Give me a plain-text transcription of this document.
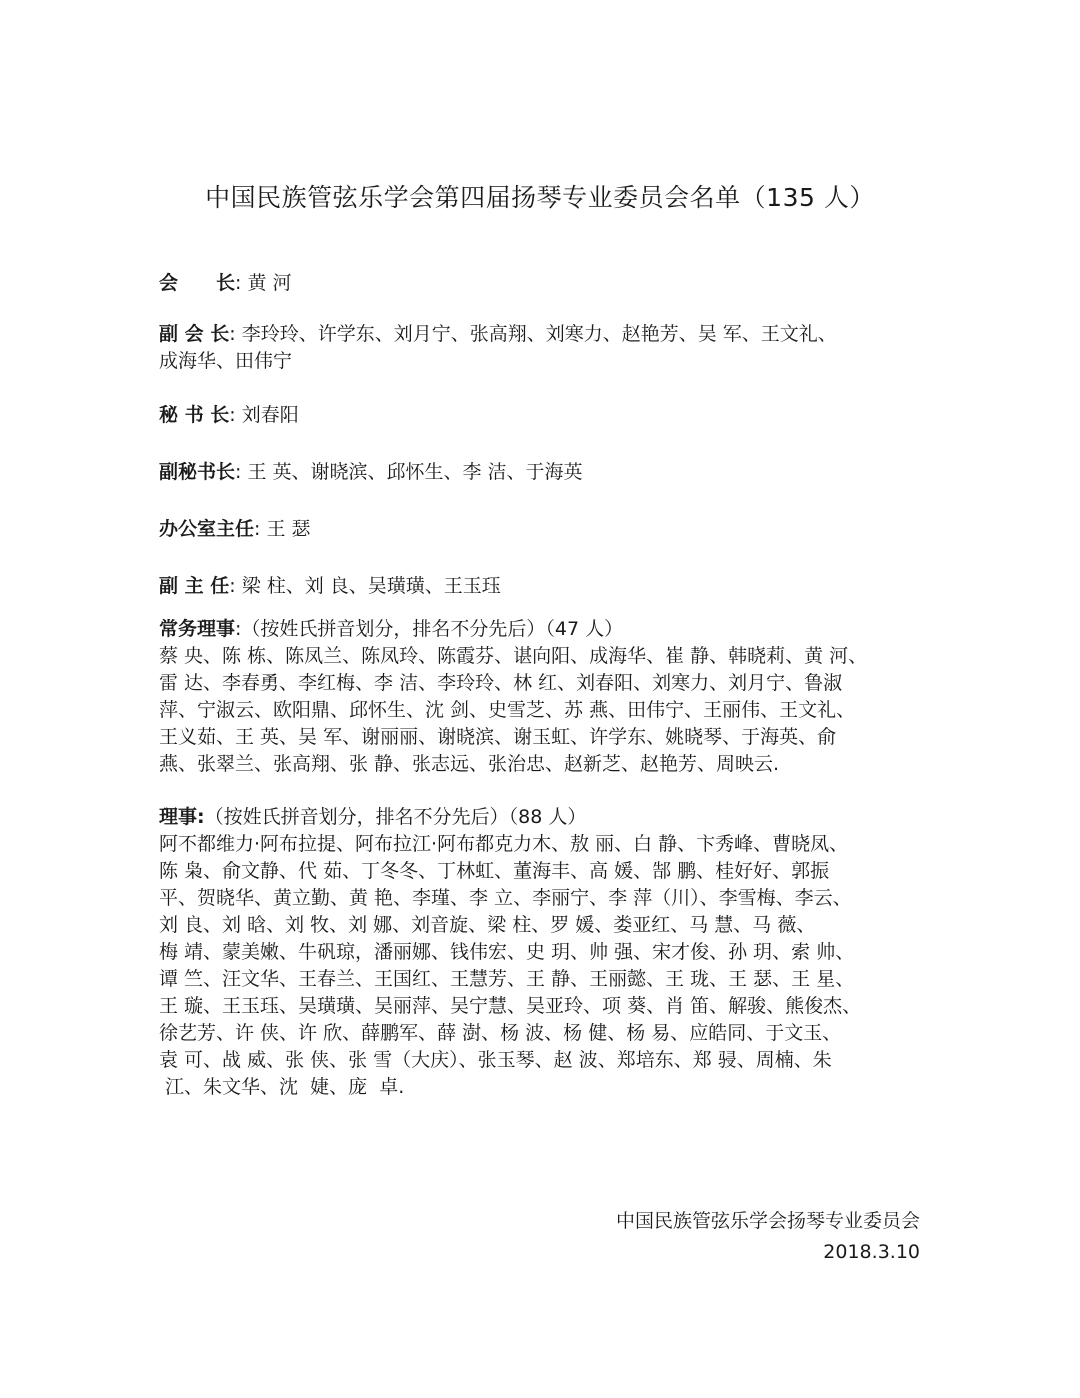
中国民族管弦乐学会第四届扬琴专业委员会名单（135 人）
会　　长: 黄 河
副 会 长: 李玲玲、许学东、刘月宁、张高翔、刘寒力、赵艳芳、吴 军、王文礼、
成海华、田伟宁
秘 书 长: 刘春阳
副秘书长: 王 英、谢晓滨、邱怀生、李 洁、于海英
办公室主任: 王 瑟
副 主 任: 梁 柱、刘 良、吴璜璜、王玉珏
常务理事:（按姓氏拼音划分，排名不分先后）（47 人）
蔡 央、陈 栋、陈凤兰、陈凤玲、陈霞芬、谌向阳、成海华、崔 静、韩晓莉、黄 河、
雷 达、李春勇、李红梅、李 洁、李玲玲、林 红、刘春阳、刘寒力、刘月宁、鲁淑
萍、宁淑云、欧阳鼎、邱怀生、沈 剑、史雪芝、苏 燕、田伟宁、王丽伟、王文礼、
王义茹、王 英、吴 军、谢丽丽、谢晓滨、谢玉虹、许学东、姚晓琴、于海英、俞
燕、张翠兰、张高翔、张 静、张志远、张治忠、赵新芝、赵艳芳、周映云.
理事:（按姓氏拼音划分，排名不分先后）（88 人）
阿不都维力·阿布拉提、阿布拉江·阿布都克力木、敖 丽、白 静、卞秀峰、曹晓凤、
陈 枭、俞文静、代 茹、丁冬冬、丁林虹、董海丰、高 媛、郜 鹏、桂好好、郭振
平、贺晓华、黄立勤、黄 艳、李瑾、李 立、李丽宁、李 萍（川）、李雪梅、李云、
刘 良、刘 晗、刘 牧、刘 娜、刘音旋、梁 柱、罗 媛、娄亚红、马 慧、马 薇、
梅 靖、蒙美嫩、牛矾琼，潘丽娜、钱伟宏、史 玥、帅 强、宋才俊、孙 玥、索 帅、
谭 竺、汪文华、王春兰、王国红、王慧芳、王 静、王丽懿、王 珑、王 瑟、王 星、
王 璇、王玉珏、吴璜璜、吴丽萍、吴宁慧、吴亚玲、项 葵、肖 笛、解骏、熊俊杰、
徐艺芳、许 侠、许 欣、薛鹏军、薛 澍、杨 波、杨 健、杨 易、应皓同、于文玉、
袁 可、战 威、张 侠、张 雪（大庆）、张玉琴、赵 波、郑培东、郑 骎、周楠、朱
江、朱文华、沈  婕、庞  卓.
中国民族管弦乐学会扬琴专业委员会
2018.3.10
